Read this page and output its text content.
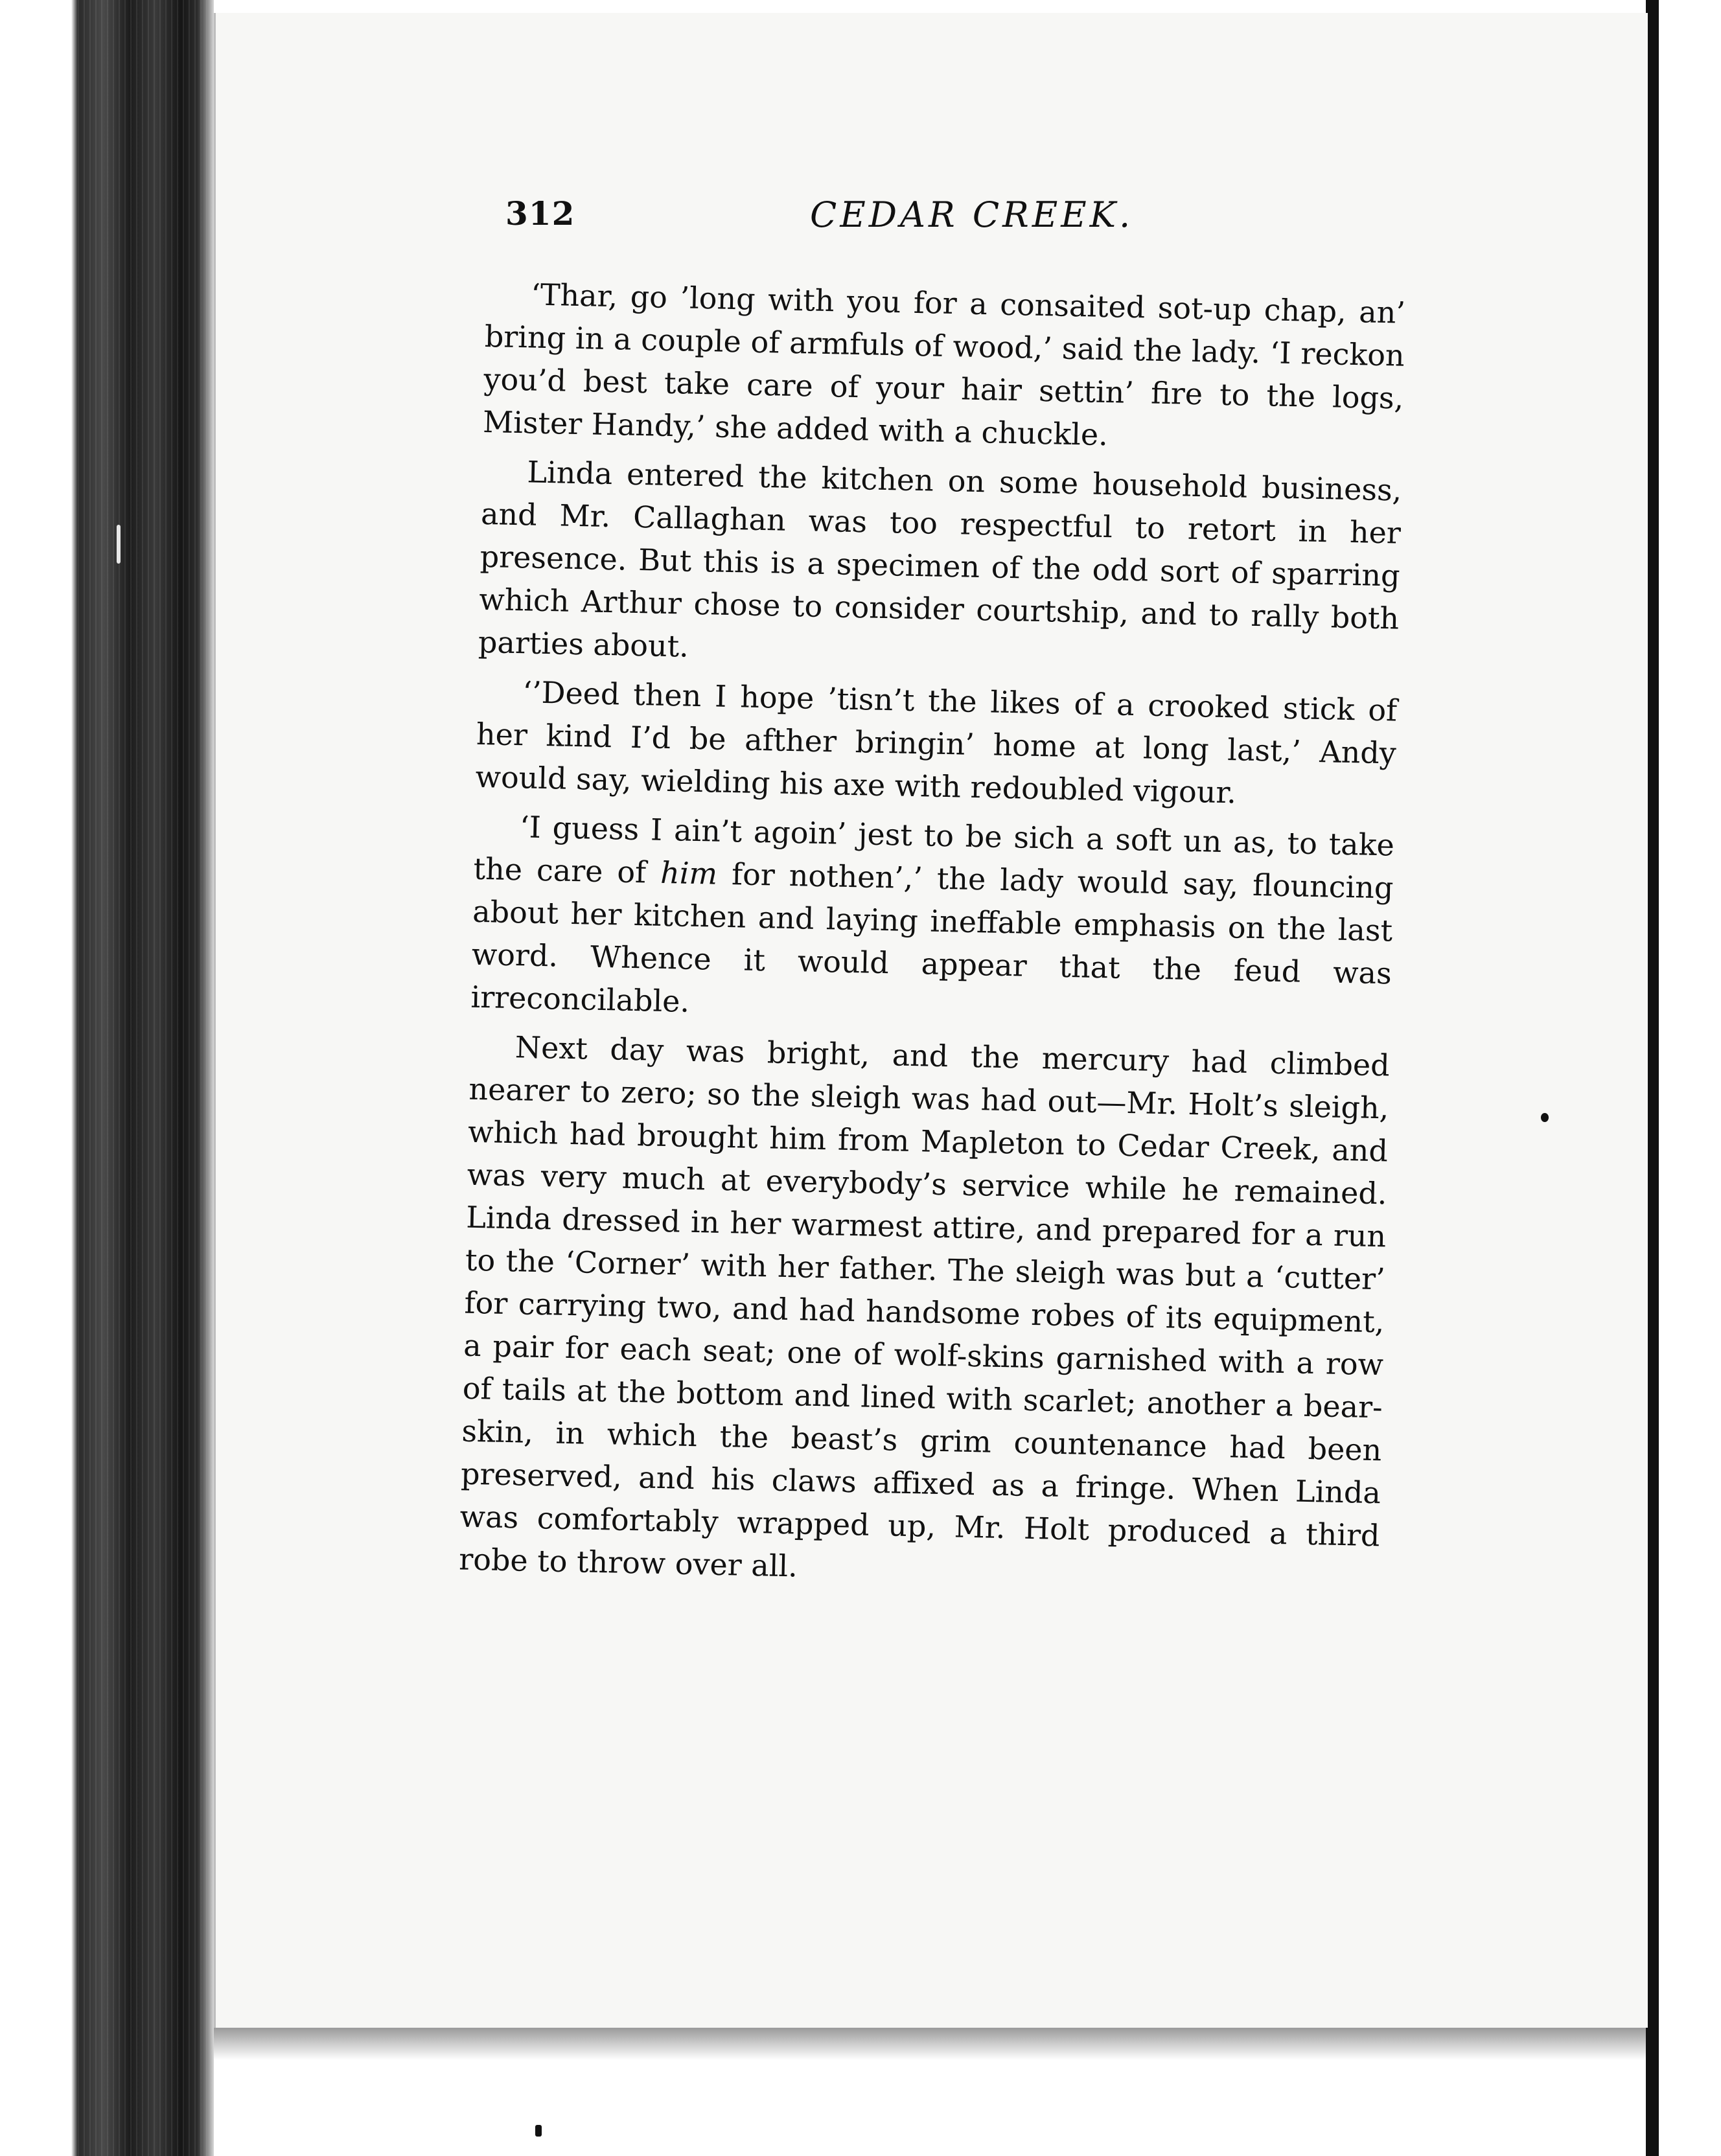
312	CEDAR CREEK.

‘Thar, go ’long with you for a consaited sot-up chap, an’ bring in a couple of armfuls of wood,’ said the lady. ‘I reckon you’d best take care of your hair settin’ fire to the logs, Mister Handy,’ she added with a chuckle.

Linda entered the kitchen on some household business, and Mr. Callaghan was too respectful to retort in her presence. But this is a specimen of the odd sort of sparring which Arthur chose to consider courtship, and to rally both parties about.

‘’Deed then I hope ’tisn’t the likes of a crooked stick of her kind I’d be afther bringin’ home at long last,’ Andy would say, wielding his axe with redoubled vigour.

‘I guess I ain’t agoin’ jest to be sich a soft un as, to take the care of him for nothen’,’ the lady would say, flouncing about her kitchen and laying ineffable emphasis on the last word. Whence it would appear that the feud was irreconcilable.

Next day was bright, and the mercury had climbed nearer to zero; so the sleigh was had out—Mr. Holt’s sleigh, which had brought him from Mapleton to Cedar Creek, and was very much at everybody’s service while he remained. Linda dressed in her warmest attire, and prepared for a run to the ‘Corner’ with her father. The sleigh was but a ‘cutter’ for carrying two, and had handsome robes of its equipment, a pair for each seat; one of wolf-skins garnished with a row of tails at the bottom and lined with scarlet; another a bear-skin, in which the beast’s grim countenance had been preserved, and his claws affixed as a fringe. When Linda was comfortably wrapped up, Mr. Holt produced a third robe to throw over all.
